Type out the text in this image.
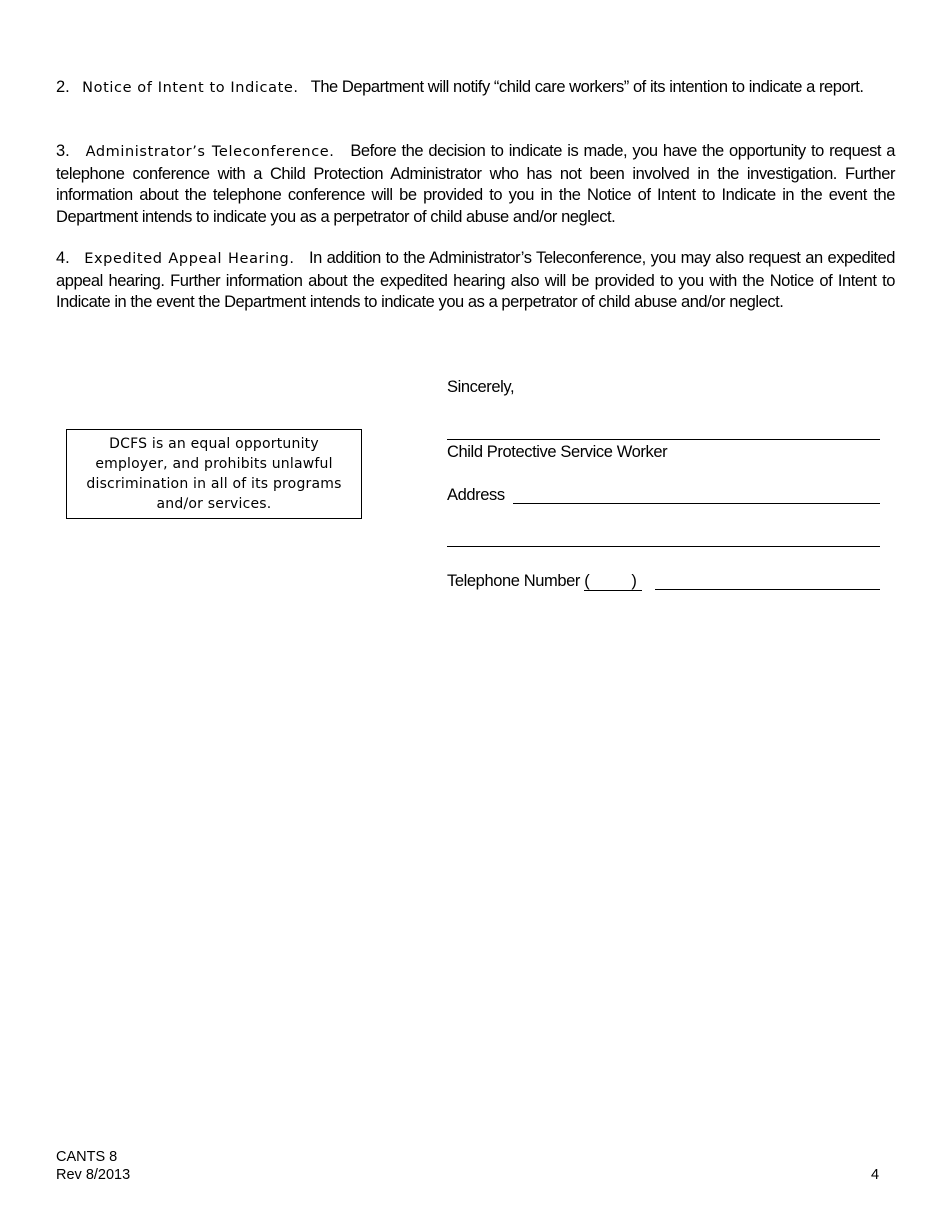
2. Notice of Intent to Indicate. The Department will notify “child care workers” of its intention to indicate a report.

3. Administrator’s Teleconference. Before the decision to indicate is made, you have the opportunity to request a telephone conference with a Child Protection Administrator who has not been involved in the investigation. Further information about the telephone conference will be provided to you in the Notice of Intent to Indicate in the event the Department intends to indicate you as a perpetrator of child abuse and/or neglect.

4. Expedited Appeal Hearing. In addition to the Administrator’s Teleconference, you may also request an expedited appeal hearing. Further information about the expedited hearing also will be provided to you with the Notice of Intent to Indicate in the event the Department intends to indicate you as a perpetrator of child abuse and/or neglect.

DCFS is an equal opportunity employer, and prohibits unlawful discrimination in all of its programs and/or services.
Sincerely,
Child Protective Service Worker
Address
Telephone Number (	)
CANTS 8
Rev 8/2013	4
